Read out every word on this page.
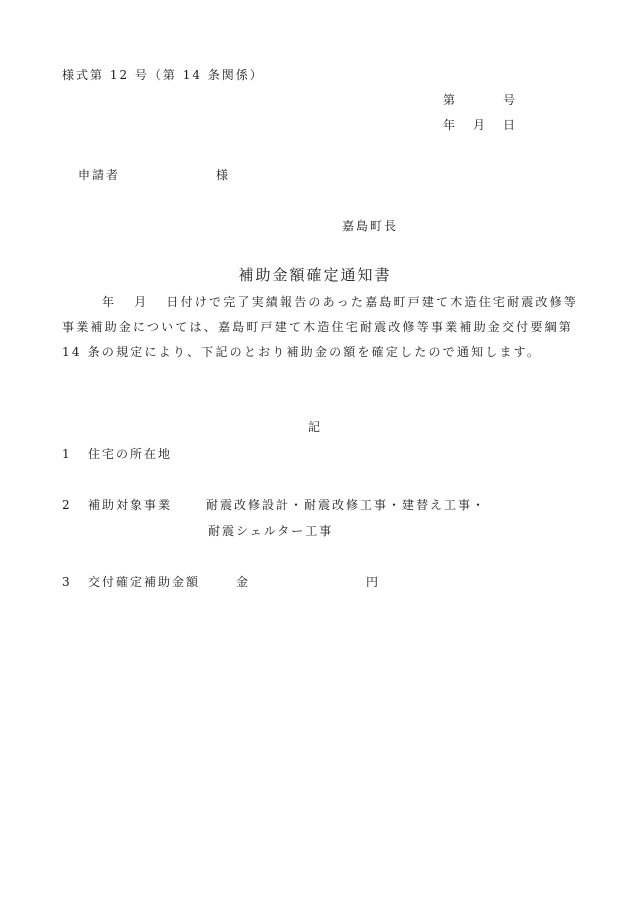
様式第 12 号（第 14 条関係）
第	号
年 月 日
申請者	様
嘉島町長
補助金額確定通知書

年 月 日付けで完了実績報告のあった嘉島町戸建て木造住宅耐震改修等事業補助金については、嘉島町戸建て木造住宅耐震改修等事業補助金交付要綱第 14 条の規定により、下記のとおり補助金の額を確定したので通知します。

記
1 住宅の所在地
2 補助対象事業	耐震改修設計・耐震改修工事・建替え工事・
耐震シェルター工事
3 交付確定補助金額	金	円
